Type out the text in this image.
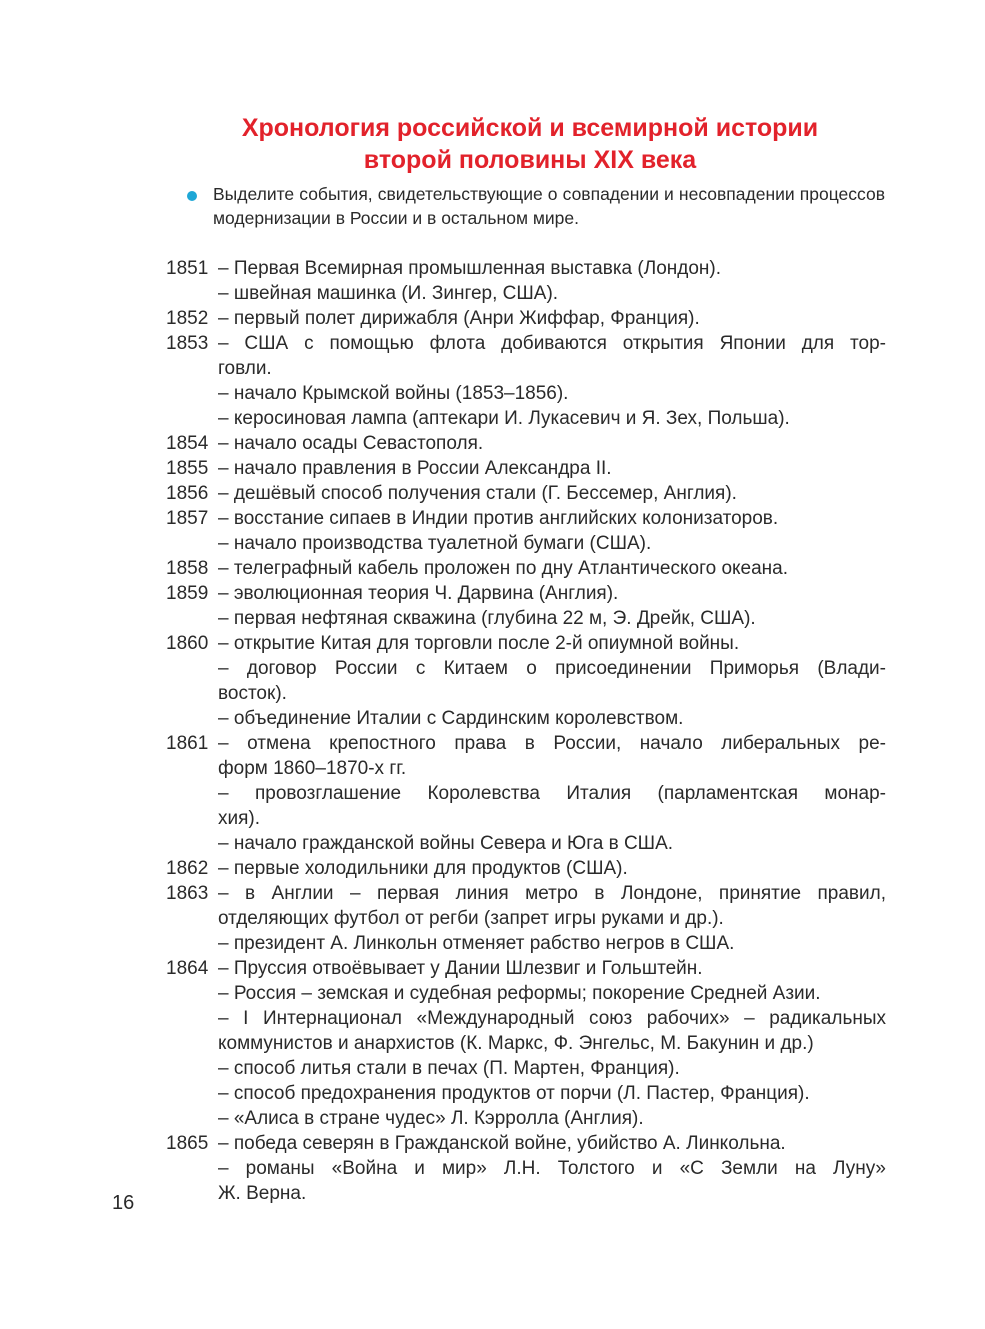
Хронология российской и всемирной истории
второй половины XIX века
Выделите события, свидетельствующие о совпадении и несовпадении процессов модернизации в России и в остальном мире.
1851 – Первая Всемирная промышленная выставка (Лондон).
– швейная машинка (И. Зингер, США).
1852 – первый полет дирижабля (Анри Жиффар, Франция).
1853 – США с помощью флота добиваются открытия Японии для тор-
говли.
– начало Крымской войны (1853–1856).
– керосиновая лампа (аптекари И. Лукасевич и Я. Зех, Польша).
1854 – начало осады Севастополя.
1855 – начало правления в России Александра II.
1856 – дешёвый способ получения стали (Г. Бессемер, Англия).
1857 – восстание сипаев в Индии против английских колонизаторов.
– начало производства туалетной бумаги (США).
1858 – телеграфный кабель проложен по дну Атлантического океана.
1859 – эволюционная теория Ч. Дарвина (Англия).
– первая нефтяная скважина (глубина 22 м, Э. Дрейк, США).
1860 – открытие Китая для торговли после 2-й опиумной войны.
– договор России с Китаем о присоединении Приморья (Влади-
восток).
– объединение Италии с Сардинским королевством.
1861 – отмена крепостного права в России, начало либеральных ре-
форм 1860–1870-х гг.
– провозглашение Королевства Италия (парламентская монар-
хия).
– начало гражданской войны Севера и Юга в США.
1862 – первые холодильники для продуктов (США).
1863 – в Англии – первая линия метро в Лондоне, принятие правил,
отделяющих футбол от регби (запрет игры руками и др.).
– президент А. Линкольн отменяет рабство негров в США.
1864 – Пруссия отвоёвывает у Дании Шлезвиг и Гольштейн.
– Россия – земская и судебная реформы; покорение Средней Азии.
– I Интернационал «Международный союз рабочих» – радикальных
коммунистов и анархистов (К. Маркс, Ф. Энгельс, М. Бакунин и др.)
– способ литья стали в печах (П. Мартен, Франция).
– способ предохранения продуктов от порчи (Л. Пастер, Франция).
– «Алиса в стране чудес» Л. Кэрролла (Англия).
1865 – победа северян в Гражданской войне, убийство А. Линкольна.
– романы «Война и мир» Л.Н. Толстого и «С Земли на Луну»
Ж. Верна.
16
